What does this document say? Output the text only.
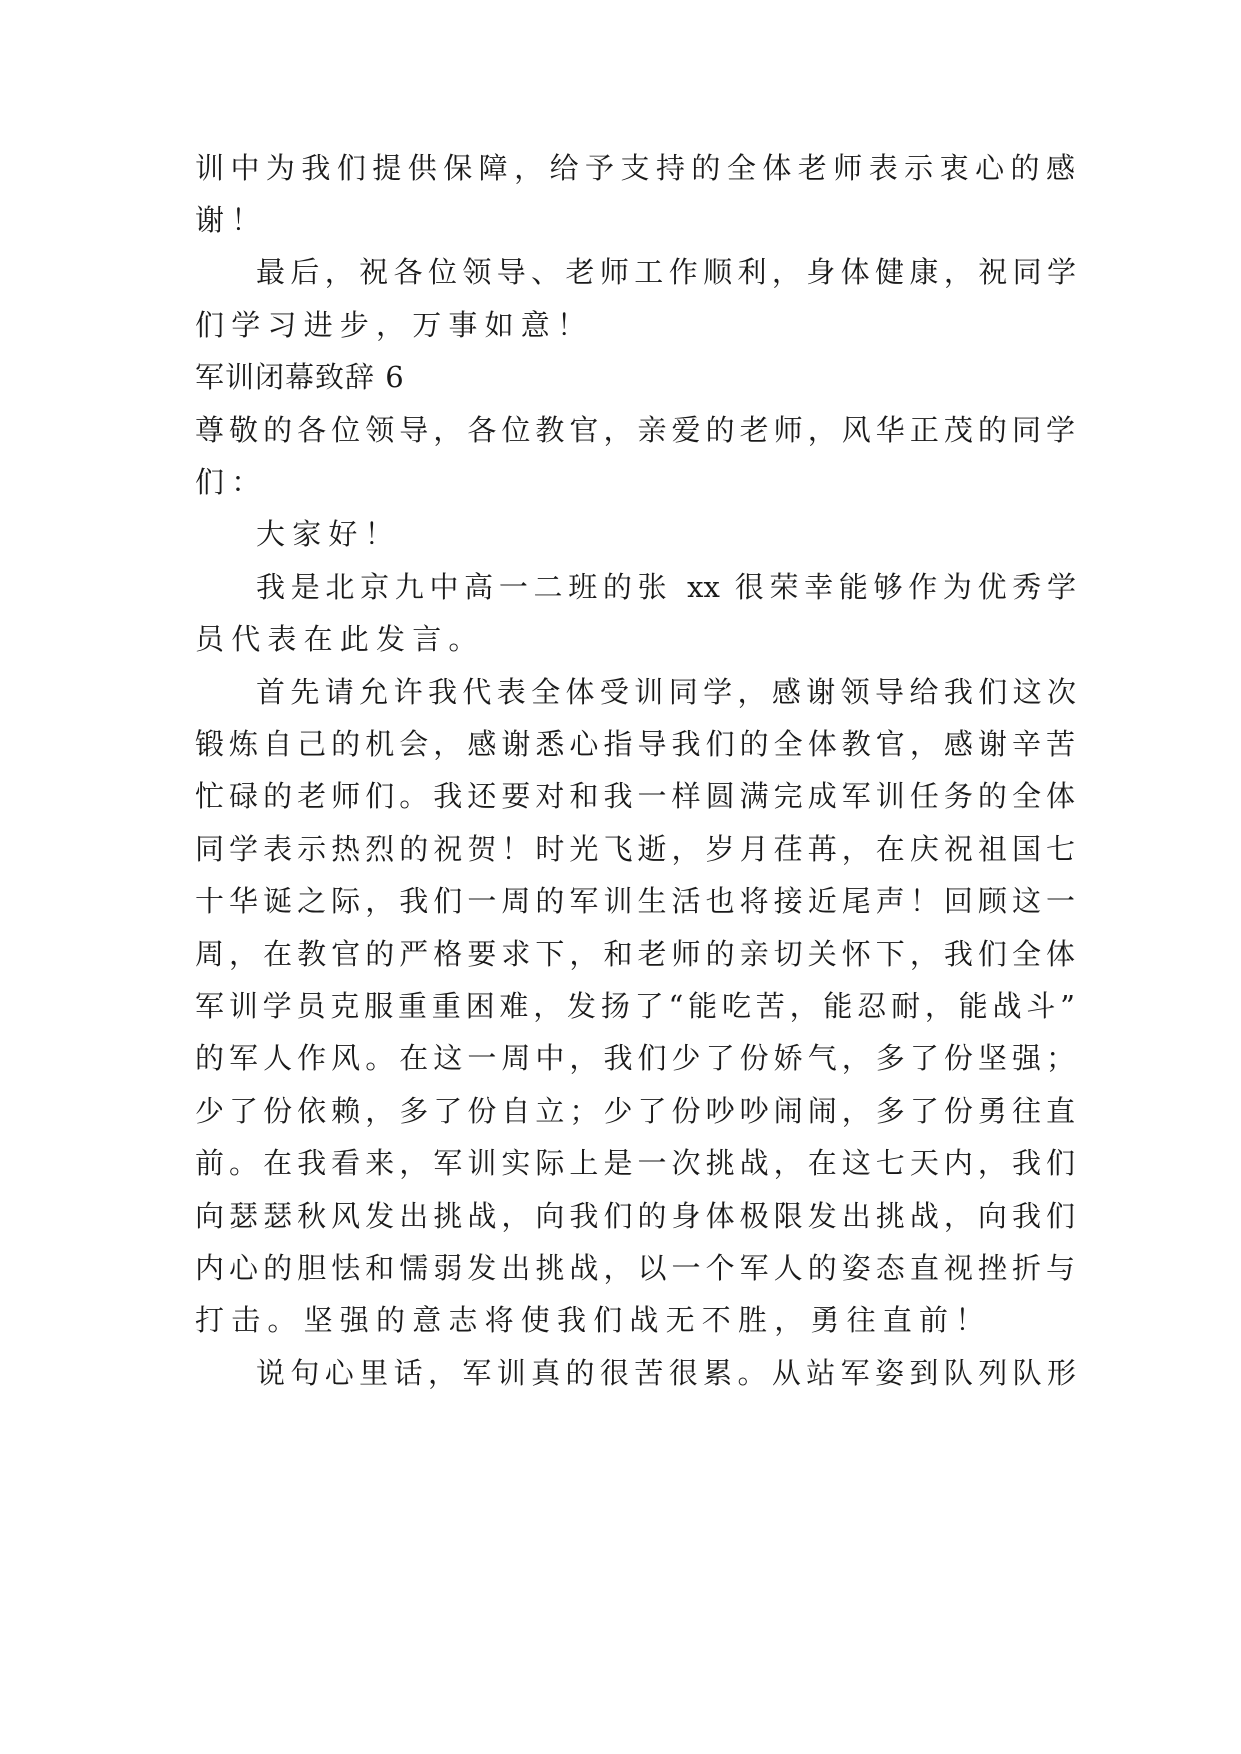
训中为我们提供保障，给予支持的全体老师表示衷心的感
谢！
最后，祝各位领导、老师工作顺利，身体健康，祝同学
们学习进步，万事如意！
军训闭幕致辞 6
尊敬的各位领导，各位教官，亲爱的老师，风华正茂的同学
们：
大家好！
我是北京九中高一二班的张 xx 很荣幸能够作为优秀学
员代表在此发言。
首先请允许我代表全体受训同学，感谢领导给我们这次
锻炼自己的机会，感谢悉心指导我们的全体教官，感谢辛苦
忙碌的老师们。我还要对和我一样圆满完成军训任务的全体
同学表示热烈的祝贺！时光飞逝，岁月荏苒，在庆祝祖国七
十华诞之际，我们一周的军训生活也将接近尾声！回顾这一
周，在教官的严格要求下，和老师的亲切关怀下，我们全体
军训学员克服重重困难，发扬了“能吃苦，能忍耐，能战斗”
的军人作风。在这一周中，我们少了份娇气，多了份坚强；
少了份依赖，多了份自立；少了份吵吵闹闹，多了份勇往直
前。在我看来，军训实际上是一次挑战，在这七天内，我们
向瑟瑟秋风发出挑战，向我们的身体极限发出挑战，向我们
内心的胆怯和懦弱发出挑战，以一个军人的姿态直视挫折与
打击。坚强的意志将使我们战无不胜，勇往直前！
说句心里话，军训真的很苦很累。从站军姿到队列队形
